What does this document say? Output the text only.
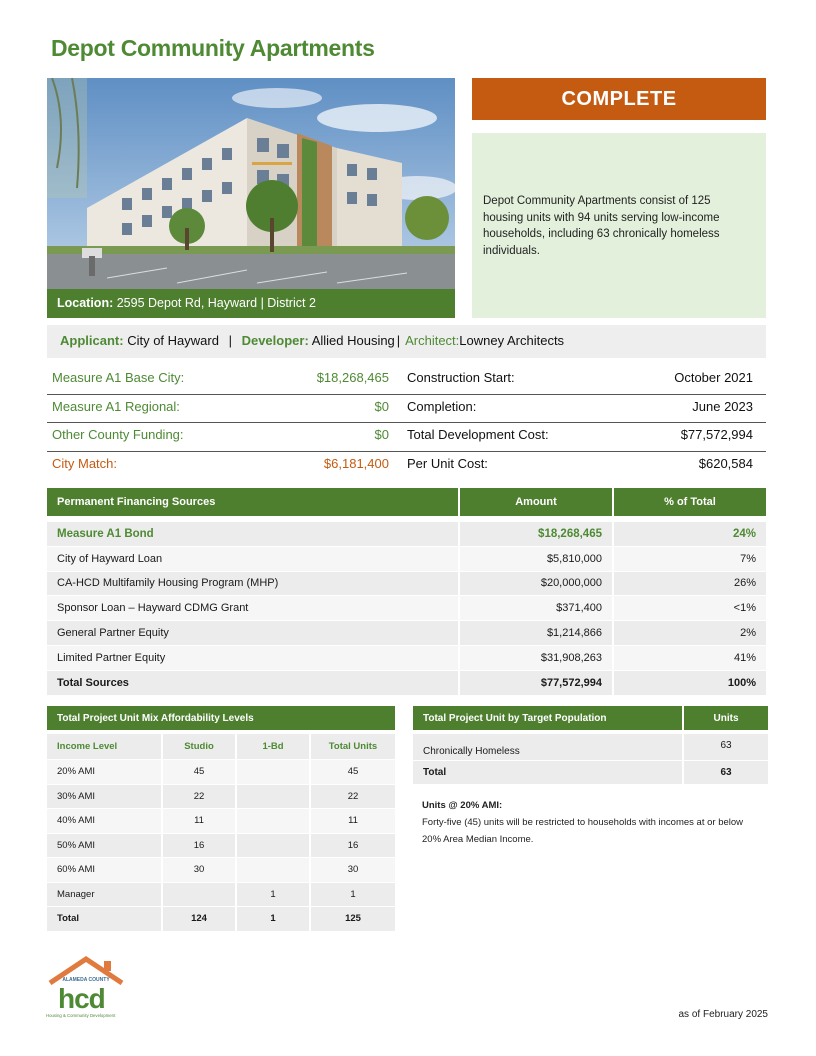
Depot Community Apartments
Location: 2595 Depot Rd, Hayward | District 2
COMPLETE
Depot Community Apartments consist of 125 housing units with 94 units serving low-income households, including 63 chronically homeless individuals.
Applicant: City of Hayward | Developer: Allied Housing | Architect:Lowney Architects
Measure A1 Base City:	$18,268,465 Construction Start:	October 2021
Measure A1 Regional:	$0 Completion:	June 2023
Other County Funding:	$0 Total Development Cost:	$77,572,994
City Match:	$6,181,400 Per Unit Cost:	$620,584
Permanent Financing Sources	Amount	% of Total

Measure A1 Bond	$18,268,465	24%
City of Hayward Loan	$5,810,000	7%
CA-HCD Multifamily Housing Program (MHP)	$20,000,000	26%
Sponsor Loan – Hayward CDMG Grant	$371,400	<1%
General Partner Equity	$1,214,866	2%
Limited Partner Equity	$31,908,263	41%
Total Sources	$77,572,994	100%
Total Project Unit Mix Affordability Levels			

Income Level	Studio	1-Bd	Total Units
20% AMI	45		45
30% AMI	22		22
40% AMI	11		11
50% AMI	16		16
60% AMI	30		30
Manager		1	1
Total	124	1	125
Total Project Unit by Target Population	Units

Chronically Homeless	63
Total	63
Units @ 20% AMI:
Forty-five (45) units will be restricted to households with incomes at or below 20% Area Median Income.
ALAMEDA COUNTY
hcd
Housing & Community Development	as of February 2025
